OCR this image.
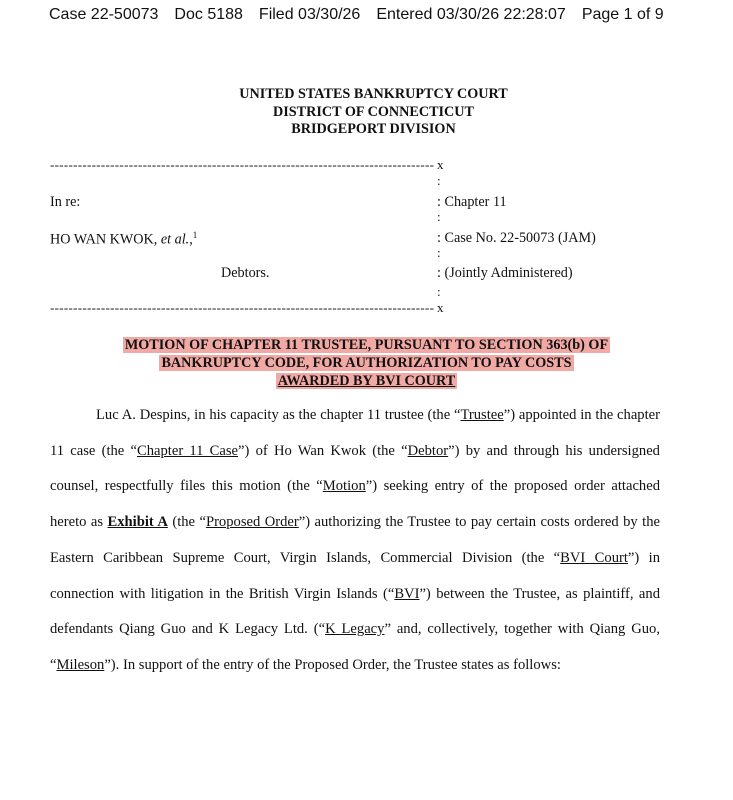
Case 22-50073 Doc 5188 Filed 03/30/26 Entered 03/30/26 22:28:07 Page 1 of 9
UNITED STATES BANKRUPTCY COURT
DISTRICT OF CONNECTICUT
BRIDGEPORT DIVISION
----------------------------------------------------------------------------------- x
----------------------------------------------------------------------------------- x
:
:
:
:
In re:
HO WAN KWOK, et al.,$^1$
Debtors.
: Chapter 11
: Case No. 22-50073 (JAM)
: (Jointly Administered)
MOTION OF CHAPTER 11 TRUSTEE, PURSUANT TO SECTION 363(b) OF
BANKRUPTCY CODE, FOR AUTHORIZATION TO PAY COSTS
AWARDED BY BVI COURT

Luc A. Despins, in his capacity as the chapter 11 trustee (the “Trustee”) appointed in the chapter 11 case (the “Chapter 11 Case”) of Ho Wan Kwok (the “Debtor”) by and through his undersigned counsel, respectfully files this motion (the “Motion”) seeking entry of the proposed order attached hereto as Exhibit A (the “Proposed Order”) authorizing the Trustee to pay certain costs ordered by the Eastern Caribbean Supreme Court, Virgin Islands, Commercial Division (the “BVI Court”) in connection with litigation in the British Virgin Islands (“BVI”) between the Trustee, as plaintiff, and defendants Qiang Guo and K Legacy Ltd. (“K Legacy” and, collectively, together with Qiang Guo, “Mileson”). In support of the entry of the Proposed Order, the Trustee states as follows:
